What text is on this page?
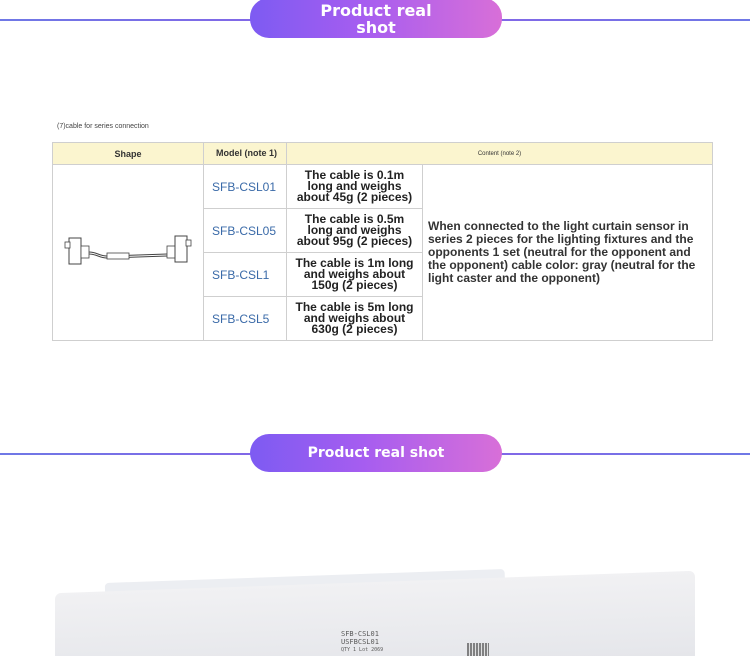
Product real shot
(7)cable for series connection
Shape	Model (note 1)	Content (note 2)	
	SFB-CSL01	The cable is 0.1m long and weighs about 45g (2 pieces)	When connected to the light curtain sensor in series 2 pieces for the lighting fixtures and the opponents 1 set (neutral for the opponent and the opponent) cable color: gray (neutral for the light caster and the opponent)
	SFB-CSL05	The cable is 0.5m long and weighs about 95g (2 pieces)	
	SFB-CSL1	The cable is 1m long and weighs about 150g (2 pieces)	
	SFB-CSL5	The cable is 5m long and weighs about 630g (2 pieces)	
Product real shot
SFB-CSL01
USFBCSL01
QTY 1 Lot 2069
